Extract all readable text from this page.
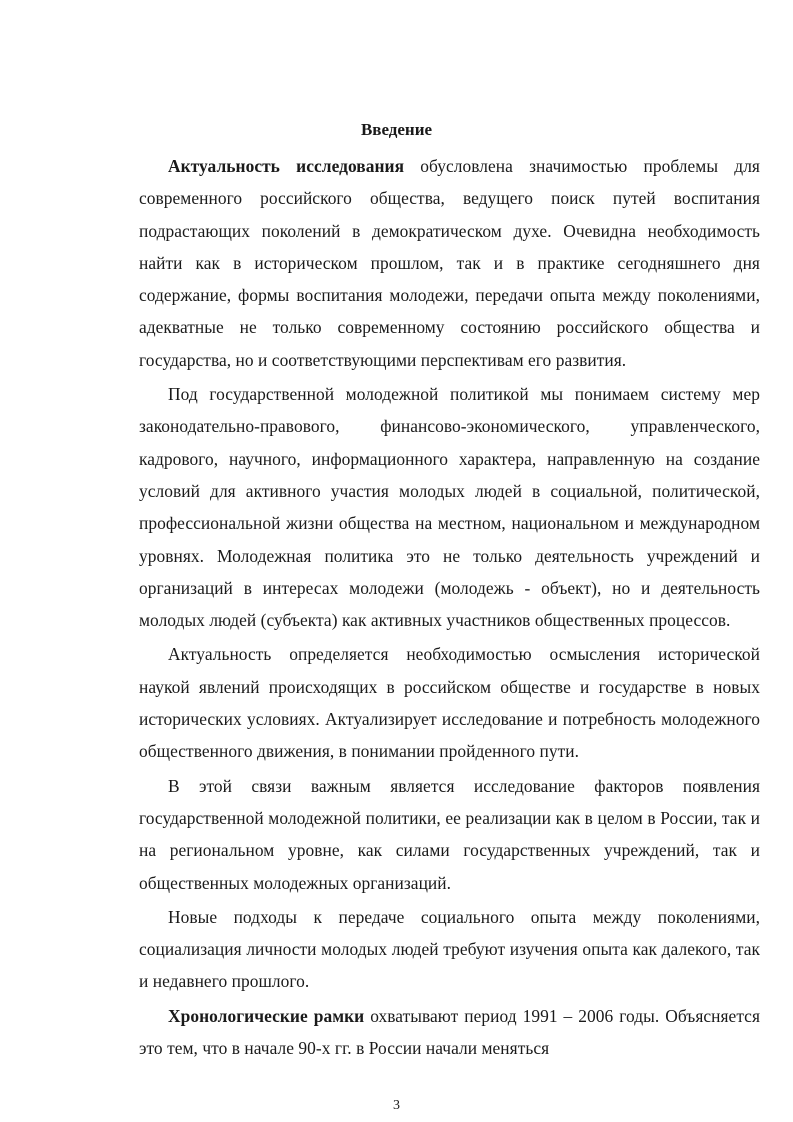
Введение

Актуальность исследования обусловлена значимостью проблемы для современного российского общества, ведущего поиск путей воспитания подрастающих поколений в демократическом духе. Очевидна необходимость найти как в историческом прошлом, так и в практике сегодняшнего дня содержание, формы воспитания молодежи, передачи опыта между поколениями, адекватные не только современному состоянию российского общества и государства, но и соответствующими перспективам его развития.

Под государственной молодежной политикой мы понимаем систему мер законодательно-правового, финансово-экономического, управленческого, кадрового, научного, информационного характера, направленную на создание условий для активного участия молодых людей в социальной, политической, профессиональной жизни общества на местном, национальном и международном уровнях. Молодежная политика это не только деятельность учреждений и организаций в интересах молодежи (молодежь - объект), но и деятельность молодых людей (субъекта) как активных участников общественных процессов.

Актуальность определяется необходимостью осмысления исторической наукой явлений происходящих в российском обществе и государстве в новых исторических условиях. Актуализирует исследование и потребность молодежного общественного движения, в понимании пройденного пути.

В этой связи важным является исследование факторов появления государственной молодежной политики, ее реализации как в целом в России, так и на региональном уровне, как силами государственных учреждений, так и общественных молодежных организаций.

Новые подходы к передаче социального опыта между поколениями, социализация личности молодых людей требуют изучения опыта как далекого, так и недавнего прошлого.

Хронологические рамки охватывают период 1991 – 2006 годы. Объясняется это тем, что в начале 90-х гг. в России начали меняться

3
